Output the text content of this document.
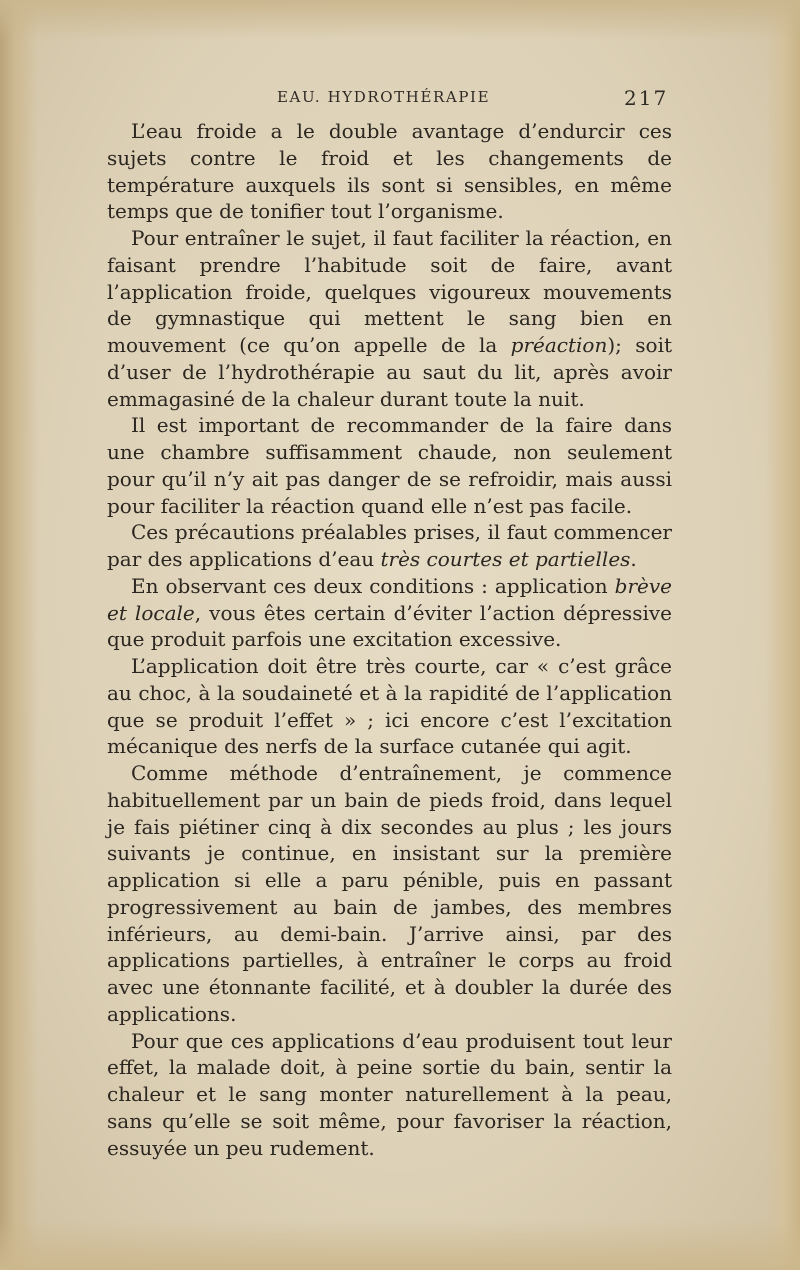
EAU. HYDROTHÉRAPIE	217

L’eau froide a le double avantage d’endurcir ces sujets contre le froid et les changements de température auxquels ils sont si sensibles, en même temps que de tonifier tout l’organisme.

Pour entraîner le sujet, il faut faciliter la réaction, en faisant prendre l’habitude soit de faire, avant l’application froide, quelques vigoureux mouvements de gymnastique qui mettent le sang bien en mouvement (ce qu’on appelle de la préaction); soit d’user de l’hydrothérapie au saut du lit, après avoir emmagasiné de la chaleur durant toute la nuit.

Il est important de recommander de la faire dans une chambre suffisamment chaude, non seulement pour qu’il n’y ait pas danger de se refroidir, mais aussi pour faciliter la réaction quand elle n’est pas facile.

Ces précautions préalables prises, il faut commencer par des applications d’eau très courtes et partielles.

En observant ces deux conditions : application brève et locale, vous êtes certain d’éviter l’action dépressive que produit parfois une excitation excessive.

L’application doit être très courte, car « c’est grâce au choc, à la soudaineté et à la rapidité de l’application que se produit l’effet » ; ici encore c’est l’excitation mécanique des nerfs de la surface cutanée qui agit.

Comme méthode d’entraînement, je commence habituellement par un bain de pieds froid, dans lequel je fais piétiner cinq à dix secondes au plus ; les jours suivants je continue, en insistant sur la première application si elle a paru pénible, puis en passant progressivement au bain de jambes, des membres inférieurs, au demi-bain. J’arrive ainsi, par des applications partielles, à entraîner le corps au froid avec une étonnante facilité, et à doubler la durée des applications.

Pour que ces applications d’eau produisent tout leur effet, la malade doit, à peine sortie du bain, sentir la chaleur et le sang monter naturellement à la peau, sans qu’elle se soit même, pour favoriser la réaction, essuyée un peu rudement.
